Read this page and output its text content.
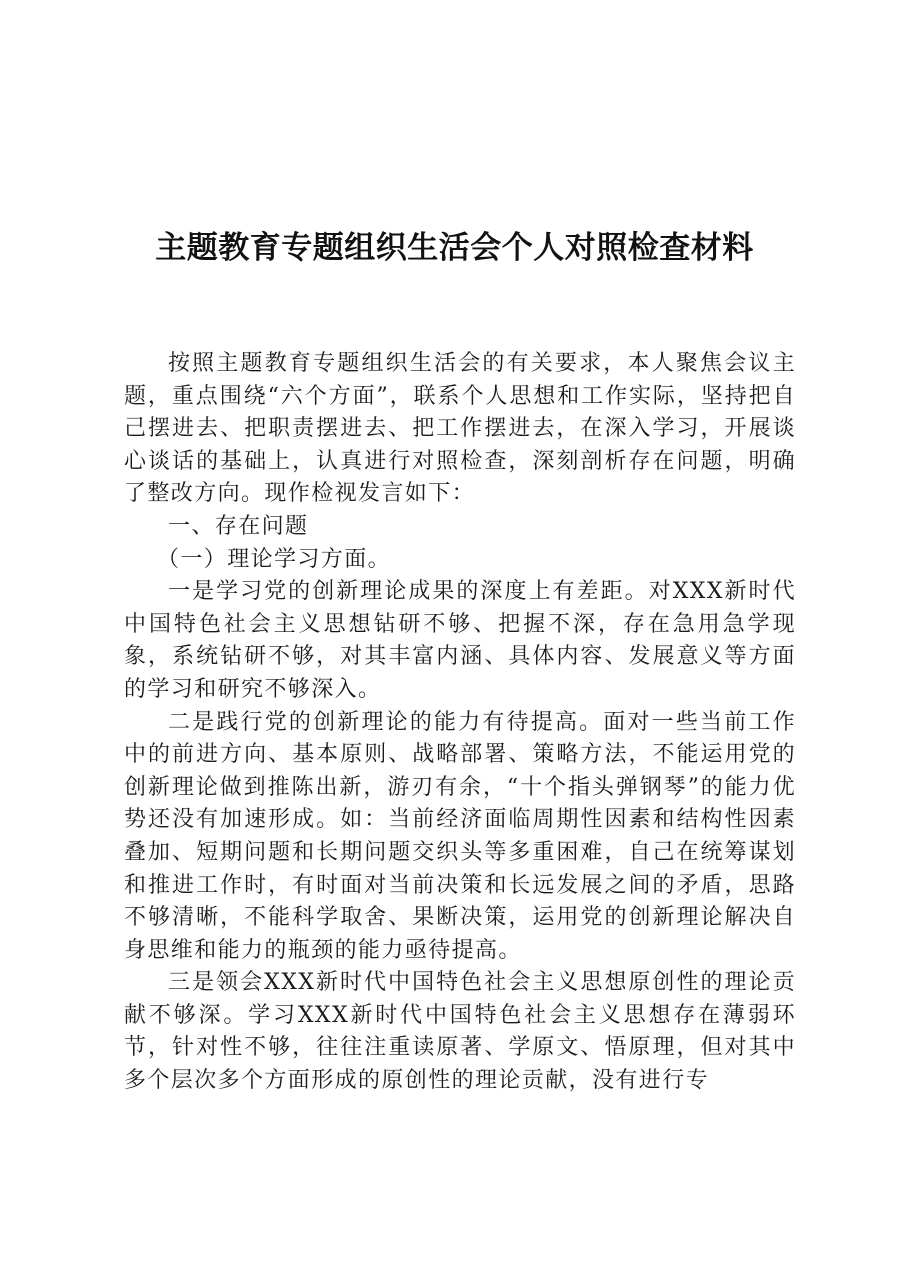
主题教育专题组织生活会个人对照检查材料

按照主题教育专题组织生活会的有关要求，本人聚焦会议主题，重点围绕“六个方面”，联系个人思想和工作实际，坚持把自己摆进去、把职责摆进去、把工作摆进去，在深入学习，开展谈心谈话的基础上，认真进行对照检查，深刻剖析存在问题，明确了整改方向。现作检视发言如下：

一、存在问题

（一）理论学习方面。

一是学习党的创新理论成果的深度上有差距。对XXX新时代中国特色社会主义思想钻研不够、把握不深，存在急用急学现象，系统钻研不够，对其丰富内涵、具体内容、发展意义等方面的学习和研究不够深入。

二是践行党的创新理论的能力有待提高。面对一些当前工作中的前进方向、基本原则、战略部署、策略方法，不能运用党的创新理论做到推陈出新，游刃有余，“十个指头弹钢琴”的能力优势还没有加速形成。如：当前经济面临周期性因素和结构性因素叠加、短期问题和长期问题交织头等多重困难，自己在统筹谋划和推进工作时，有时面对当前决策和长远发展之间的矛盾，思路不够清晰，不能科学取舍、果断决策，运用党的创新理论解决自身思维和能力的瓶颈的能力亟待提高。

三是领会XXX新时代中国特色社会主义思想原创性的理论贡献不够深。学习XXX新时代中国特色社会主义思想存在薄弱环节，针对性不够，往往注重读原著、学原文、悟原理，但对其中多个层次多个方面形成的原创性的理论贡献，没有进行专
